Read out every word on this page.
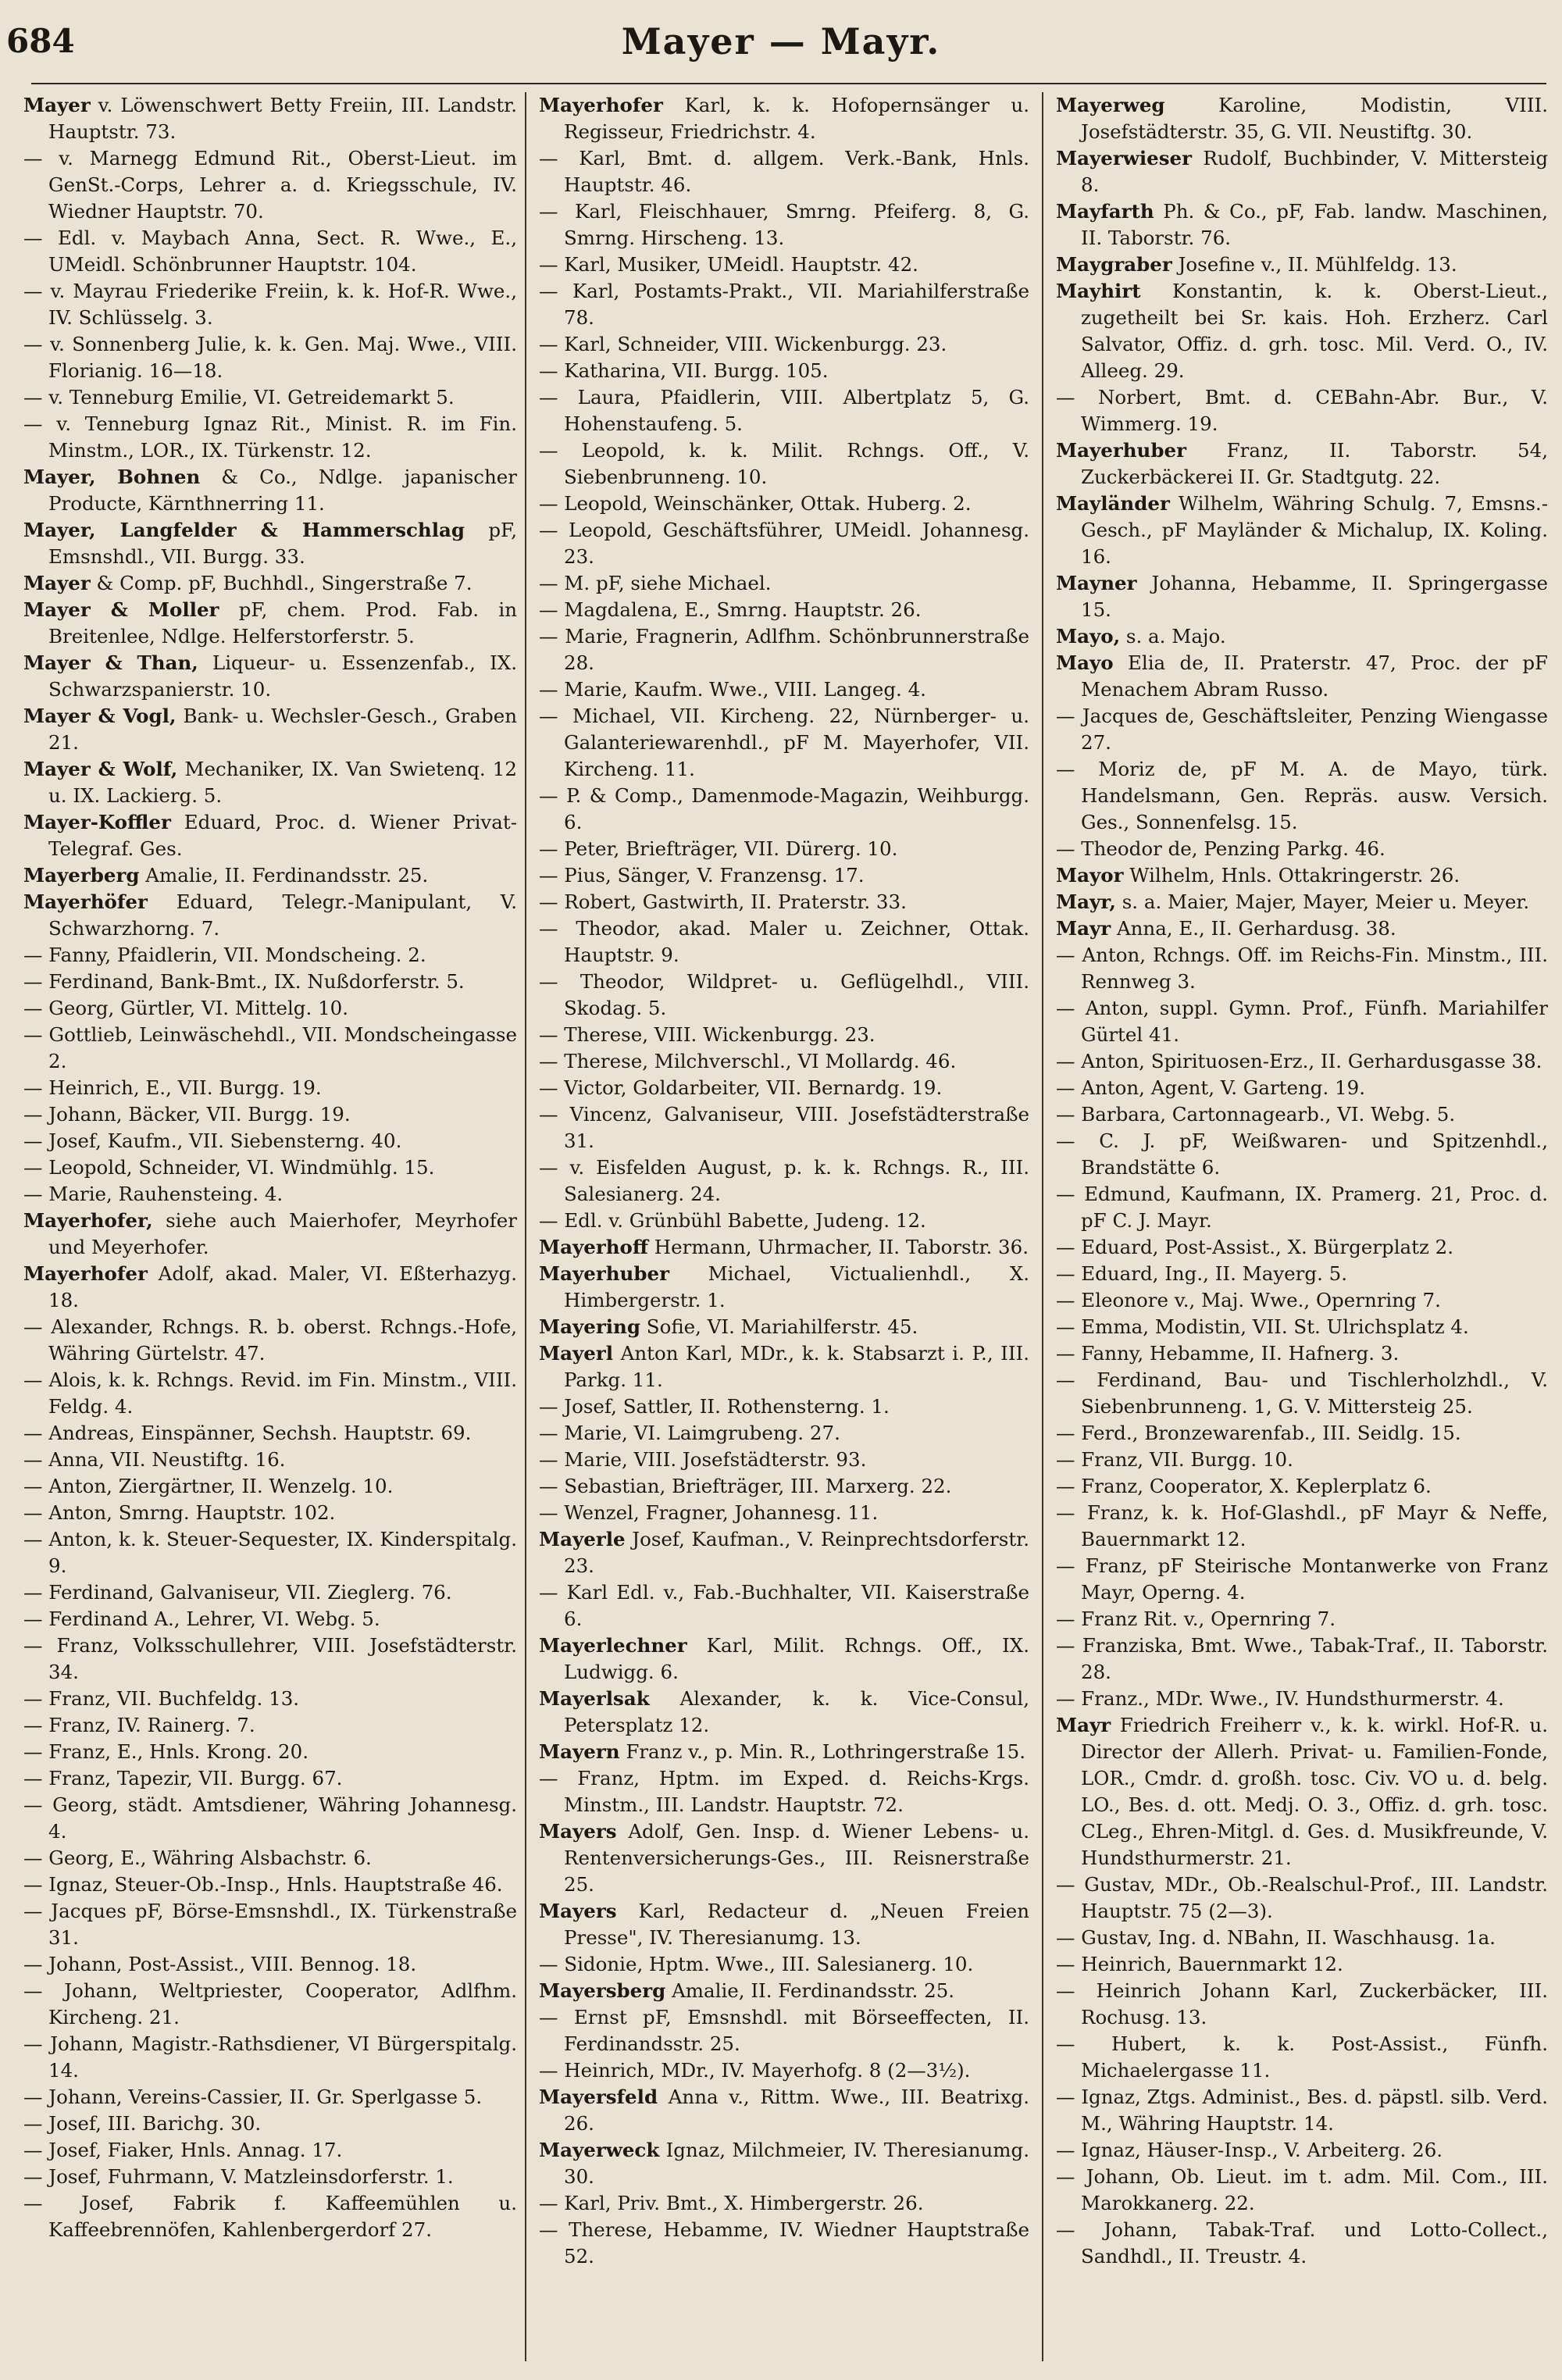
684	Mayer — Mayr.

Mayer v. Löwenschwert Betty Freiin, III. Landstr. Hauptstr. 73.

— v. Marnegg Edmund Rit., Oberst-Lieut. im GenSt.-Corps, Lehrer a. d. Kriegsschule, IV. Wiedner Hauptstr. 70.

— Edl. v. Maybach Anna, Sect. R. Wwe., E., UMeidl. Schönbrunner Hauptstr. 104.

— v. Mayrau Friederike Freiin, k. k. Hof-R. Wwe., IV. Schlüsselg. 3.

— v. Sonnenberg Julie, k. k. Gen. Maj. Wwe., VIII. Florianig. 16—18.

— v. Tenneburg Emilie, VI. Getreidemarkt 5.

— v. Tenneburg Ignaz Rit., Minist. R. im Fin. Minstm., LOR., IX. Türkenstr. 12.

Mayer, Bohnen & Co., Ndlge. japanischer Producte, Kärnthnerring 11.

Mayer, Langfelder & Hammerschlag pF, Emsnshdl., VII. Burgg. 33.

Mayer & Comp. pF, Buchhdl., Singerstraße 7.

Mayer & Moller pF, chem. Prod. Fab. in Breitenlee, Ndlge. Helferstorferstr. 5.

Mayer & Than, Liqueur- u. Essenzenfab., IX. Schwarzspanierstr. 10.

Mayer & Vogl, Bank- u. Wechsler-Gesch., Graben 21.

Mayer & Wolf, Mechaniker, IX. Van Swietenq. 12 u. IX. Lackierg. 5.

Mayer-Koffler Eduard, Proc. d. Wiener Privat-Telegraf. Ges.

Mayerberg Amalie, II. Ferdinandsstr. 25.

Mayerhöfer Eduard, Telegr.-Manipulant, V. Schwarzhorng. 7.

— Fanny, Pfaidlerin, VII. Mondscheing. 2.

— Ferdinand, Bank-Bmt., IX. Nußdorferstr. 5.

— Georg, Gürtler, VI. Mittelg. 10.

— Gottlieb, Leinwäschehdl., VII. Mondscheingasse 2.

— Heinrich, E., VII. Burgg. 19.

— Johann, Bäcker, VII. Burgg. 19.

— Josef, Kaufm., VII. Siebensterng. 40.

— Leopold, Schneider, VI. Windmühlg. 15.

— Marie, Rauhensteing. 4.

Mayerhofer, siehe auch Maierhofer, Meyrhofer und Meyerhofer.

Mayerhofer Adolf, akad. Maler, VI. Eßterhazyg. 18.

— Alexander, Rchngs. R. b. oberst. Rchngs.-Hofe, Währing Gürtelstr. 47.

— Alois, k. k. Rchngs. Revid. im Fin. Minstm., VIII. Feldg. 4.

— Andreas, Einspänner, Sechsh. Hauptstr. 69.

— Anna, VII. Neustiftg. 16.

— Anton, Ziergärtner, II. Wenzelg. 10.

— Anton, Smrng. Hauptstr. 102.

— Anton, k. k. Steuer-Sequester, IX. Kinderspitalg. 9.

— Ferdinand, Galvaniseur, VII. Zieglerg. 76.

— Ferdinand A., Lehrer, VI. Webg. 5.

— Franz, Volksschullehrer, VIII. Josefstädterstr. 34.

— Franz, VII. Buchfeldg. 13.

— Franz, IV. Rainerg. 7.

— Franz, E., Hnls. Krong. 20.

— Franz, Tapezir, VII. Burgg. 67.

— Georg, städt. Amtsdiener, Währing Johannesg. 4.

— Georg, E., Währing Alsbachstr. 6.

— Ignaz, Steuer-Ob.-Insp., Hnls. Hauptstraße 46.

— Jacques pF, Börse-Emsnshdl., IX. Türkenstraße 31.

— Johann, Post-Assist., VIII. Bennog. 18.

— Johann, Weltpriester, Cooperator, Adlfhm. Kircheng. 21.

— Johann, Magistr.-Rathsdiener, VI Bürgerspitalg. 14.

— Johann, Vereins-Cassier, II. Gr. Sperlgasse 5.

— Josef, III. Barichg. 30.

— Josef, Fiaker, Hnls. Annag. 17.

— Josef, Fuhrmann, V. Matzleinsdorferstr. 1.

— Josef, Fabrik f. Kaffeemühlen u. Kaffeebrennöfen, Kahlenbergerdorf 27.

Mayerhofer Karl, k. k. Hofopernsänger u. Regisseur, Friedrichstr. 4.

— Karl, Bmt. d. allgem. Verk.-Bank, Hnls. Hauptstr. 46.

— Karl, Fleischhauer, Smrng. Pfeiferg. 8, G. Smrng. Hirscheng. 13.

— Karl, Musiker, UMeidl. Hauptstr. 42.

— Karl, Postamts-Prakt., VII. Mariahilferstraße 78.

— Karl, Schneider, VIII. Wickenburgg. 23.

— Katharina, VII. Burgg. 105.

— Laura, Pfaidlerin, VIII. Albertplatz 5, G. Hohenstaufeng. 5.

— Leopold, k. k. Milit. Rchngs. Off., V. Siebenbrunneng. 10.

— Leopold, Weinschänker, Ottak. Huberg. 2.

— Leopold, Geschäftsführer, UMeidl. Johannesg. 23.

— M. pF, siehe Michael.

— Magdalena, E., Smrng. Hauptstr. 26.

— Marie, Fragnerin, Adlfhm. Schönbrunnerstraße 28.

— Marie, Kaufm. Wwe., VIII. Langeg. 4.

— Michael, VII. Kircheng. 22, Nürnberger- u. Galanteriewarenhdl., pF M. Mayerhofer, VII. Kircheng. 11.

— P. & Comp., Damenmode-Magazin, Weihburgg. 6.

— Peter, Briefträger, VII. Dürerg. 10.

— Pius, Sänger, V. Franzensg. 17.

— Robert, Gastwirth, II. Praterstr. 33.

— Theodor, akad. Maler u. Zeichner, Ottak. Hauptstr. 9.

— Theodor, Wildpret- u. Geflügelhdl., VIII. Skodag. 5.

— Therese, VIII. Wickenburgg. 23.

— Therese, Milchverschl., VI Mollardg. 46.

— Victor, Goldarbeiter, VII. Bernardg. 19.

— Vincenz, Galvaniseur, VIII. Josefstädterstraße 31.

— v. Eisfelden August, p. k. k. Rchngs. R., III. Salesianerg. 24.

— Edl. v. Grünbühl Babette, Judeng. 12.

Mayerhoff Hermann, Uhrmacher, II. Taborstr. 36.

Mayerhuber Michael, Victualienhdl., X. Himbergerstr. 1.

Mayering Sofie, VI. Mariahilferstr. 45.

Mayerl Anton Karl, MDr., k. k. Stabsarzt i. P., III. Parkg. 11.

— Josef, Sattler, II. Rothensterng. 1.

— Marie, VI. Laimgrubeng. 27.

— Marie, VIII. Josefstädterstr. 93.

— Sebastian, Briefträger, III. Marxerg. 22.

— Wenzel, Fragner, Johannesg. 11.

Mayerle Josef, Kaufman., V. Reinprechtsdorferstr. 23.

— Karl Edl. v., Fab.-Buchhalter, VII. Kaiserstraße 6.

Mayerlechner Karl, Milit. Rchngs. Off., IX. Ludwigg. 6.

Mayerlsak Alexander, k. k. Vice-Consul, Petersplatz 12.

Mayern Franz v., p. Min. R., Lothringerstraße 15.

— Franz, Hptm. im Exped. d. Reichs-Krgs. Minstm., III. Landstr. Hauptstr. 72.

Mayers Adolf, Gen. Insp. d. Wiener Lebens- u. Rentenversicherungs-Ges., III. Reisnerstraße 25.

Mayers Karl, Redacteur d. „Neuen Freien Presse", IV. Theresianumg. 13.

— Sidonie, Hptm. Wwe., III. Salesianerg. 10.

Mayersberg Amalie, II. Ferdinandsstr. 25.

— Ernst pF, Emsnshdl. mit Börseeffecten, II. Ferdinandsstr. 25.

— Heinrich, MDr., IV. Mayerhofg. 8 (2—3½).

Mayersfeld Anna v., Rittm. Wwe., III. Beatrixg. 26.

Mayerweck Ignaz, Milchmeier, IV. Theresianumg. 30.

— Karl, Priv. Bmt., X. Himbergerstr. 26.

— Therese, Hebamme, IV. Wiedner Hauptstraße 52.

Mayerweg	Karoline, Modistin, VIII. Josefstädterstr. 35, G. VII. Neustiftg. 30.

Mayerwieser Rudolf, Buchbinder, V. Mittersteig 8.

Mayfarth Ph. & Co., pF, Fab. landw. Maschinen, II. Taborstr. 76.

Maygraber Josefine v., II. Mühlfeldg. 13.

Mayhirt Konstantin, k. k. Oberst-Lieut., zugetheilt bei Sr. kais. Hoh. Erzherz. Carl Salvator, Offiz. d. grh. tosc. Mil. Verd. O., IV. Alleeg. 29.

— Norbert, Bmt. d. CEBahn-Abr. Bur., V. Wimmerg. 19.

Mayerhuber Franz, II. Taborstr. 54, Zuckerbäckerei II. Gr. Stadtgutg. 22.

Mayländer Wilhelm, Währing Schulg. 7, Emsns.-Gesch., pF Mayländer & Michalup, IX. Koling. 16.

Mayner Johanna, Hebamme, II. Springergasse 15.

Mayo, s. a. Majo.

Mayo Elia de, II. Praterstr. 47, Proc. der pF Menachem Abram Russo.

— Jacques de, Geschäftsleiter, Penzing Wiengasse 27.

— Moriz de, pF M. A. de Mayo, türk. Handelsmann, Gen. Repräs. ausw. Versich. Ges., Sonnenfelsg. 15.

— Theodor de, Penzing Parkg. 46.

Mayor Wilhelm, Hnls. Ottakringerstr. 26.

Mayr, s. a. Maier, Majer, Mayer, Meier u. Meyer.

Mayr Anna, E., II. Gerhardusg. 38.

— Anton, Rchngs. Off. im Reichs-Fin. Minstm., III. Rennweg 3.

— Anton, suppl. Gymn. Prof., Fünfh. Mariahilfer Gürtel 41.

— Anton, Spirituosen-Erz., II. Gerhardusgasse 38.

— Anton, Agent, V. Garteng. 19.

— Barbara, Cartonnagearb., VI. Webg. 5.

— C. J. pF, Weißwaren- und Spitzenhdl., Brandstätte 6.

— Edmund, Kaufmann, IX. Pramerg. 21, Proc. d. pF C. J. Mayr.

— Eduard, Post-Assist., X. Bürgerplatz 2.

— Eduard, Ing., II. Mayerg. 5.

— Eleonore v., Maj. Wwe., Opernring 7.

— Emma, Modistin, VII. St. Ulrichsplatz 4.

— Fanny, Hebamme, II. Hafnerg. 3.

— Ferdinand, Bau- und Tischlerholzhdl., V. Siebenbrunneng. 1, G. V. Mittersteig 25.

— Ferd., Bronzewarenfab., III. Seidlg. 15.

— Franz, VII. Burgg. 10.

— Franz, Cooperator, X. Keplerplatz 6.

— Franz, k. k. Hof-Glashdl., pF Mayr & Neffe, Bauernmarkt 12.

— Franz, pF Steirische Montanwerke von Franz Mayr, Operng. 4.

— Franz Rit. v., Opernring 7.

— Franziska, Bmt. Wwe., Tabak-Traf., II. Taborstr. 28.

— Franz., MDr. Wwe., IV. Hundsthurmerstr. 4.

Mayr Friedrich Freiherr v., k. k. wirkl. Hof-R. u. Director der Allerh. Privat- u. Familien-Fonde, LOR., Cmdr. d. großh. tosc. Civ. VO u. d. belg. LO., Bes. d. ott. Medj. O. 3., Offiz. d. grh. tosc. CLeg., Ehren-Mitgl. d. Ges. d. Musikfreunde, V. Hundsthurmerstr. 21.

— Gustav, MDr., Ob.-Realschul-Prof., III. Landstr. Hauptstr. 75 (2—3).

— Gustav, Ing. d. NBahn, II. Waschhausg. 1a.

— Heinrich, Bauernmarkt 12.

— Heinrich Johann Karl, Zuckerbäcker, III. Rochusg. 13.

— Hubert, k. k. Post-Assist., Fünfh. Michaelergasse 11.

— Ignaz, Ztgs. Administ., Bes. d. päpstl. silb. Verd. M., Währing Hauptstr. 14.

— Ignaz, Häuser-Insp., V. Arbeiterg. 26.

— Johann, Ob. Lieut. im t. adm. Mil. Com., III. Marokkanerg. 22.

— Johann, Tabak-Traf. und Lotto-Collect., Sandhdl., II. Treustr. 4.
